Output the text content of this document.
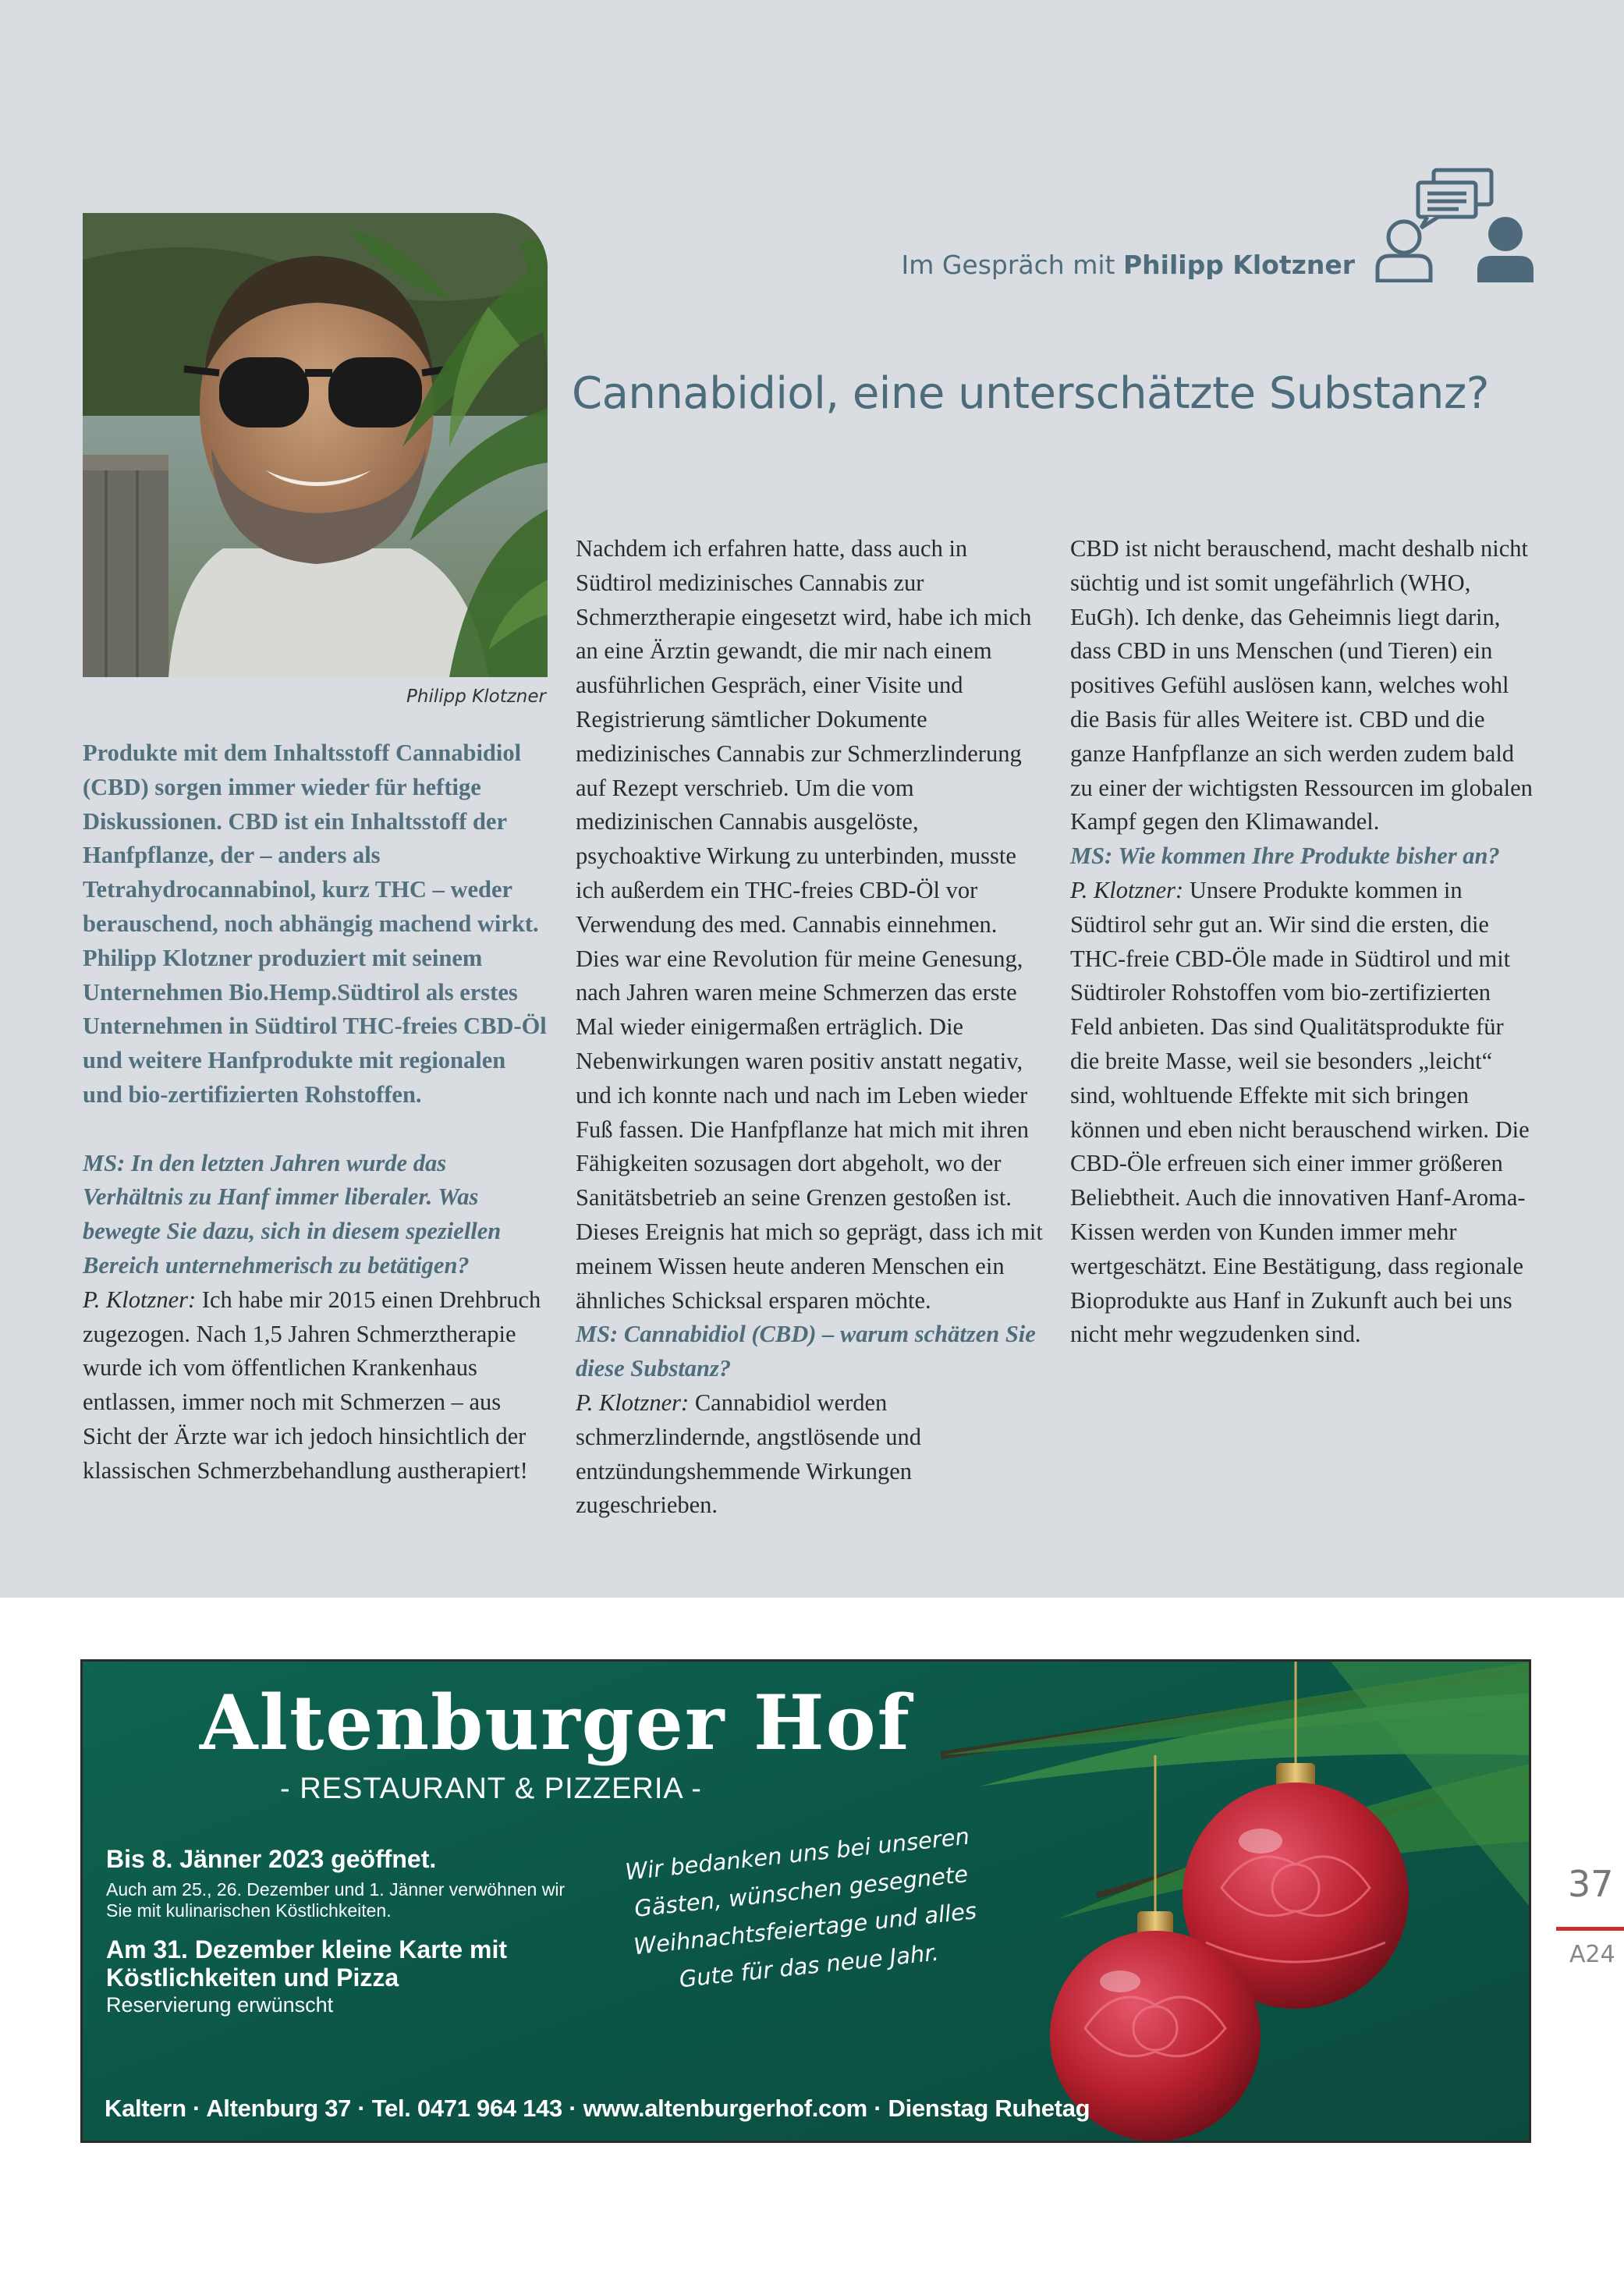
Im Gespräch mit Philipp Klotzner
Cannabidiol, eine unterschätzte Substanz?
Philipp Klotzner

Produkte mit dem Inhaltsstoff Cannabidiol (CBD) sorgen immer wieder für heftige Diskussionen. CBD ist ein Inhaltsstoff der Hanfpflanze, der – anders als Tetrahydrocannabinol, kurz THC – weder berauschend, noch abhängig machend wirkt. Philipp Klotzner produziert mit seinem Unternehmen Bio.Hemp.Südtirol als erstes Unternehmen in Südtirol THC-freies CBD-Öl und weitere Hanfprodukte mit regionalen und bio-zertifizierten Rohstoffen.

MS: In den letzten Jahren wurde das Verhältnis zu Hanf immer liberaler. Was bewegte Sie dazu, sich in diesem speziellen Bereich unternehmerisch zu betätigen?

P. Klotzner: Ich habe mir 2015 einen Drehbruch zugezogen. Nach 1,5 Jahren Schmerztherapie wurde ich vom öffentlichen Krankenhaus entlassen, immer noch mit Schmerzen – aus Sicht der Ärzte war ich jedoch hinsichtlich der klassischen Schmerzbehandlung austherapiert!

Nachdem ich erfahren hatte, dass auch in Südtirol medizinisches Cannabis zur Schmerztherapie eingesetzt wird, habe ich mich an eine Ärztin gewandt, die mir nach einem ausführlichen Gespräch, einer Visite und Registrierung sämtlicher Dokumente medizinisches Cannabis zur Schmerzlinderung auf Rezept verschrieb. Um die vom medizinischen Cannabis ausgelöste, psychoaktive Wirkung zu unterbinden, musste ich außerdem ein THC-freies CBD-Öl vor Verwendung des med. Cannabis einnehmen. Dies war eine Revolution für meine Genesung, nach Jahren waren meine Schmerzen das erste Mal wieder einigermaßen erträglich. Die Nebenwirkungen waren positiv anstatt negativ, und ich konnte nach und nach im Leben wieder Fuß fassen. Die Hanfpflanze hat mich mit ihren Fähigkeiten sozusagen dort abgeholt, wo der Sanitätsbetrieb an seine Grenzen gestoßen ist. Dieses Ereignis hat mich so geprägt, dass ich mit meinem Wissen heute anderen Menschen ein ähnliches Schicksal ersparen möchte.

MS: Cannabidiol (CBD) – warum schätzen Sie diese Substanz?

P. Klotzner: Cannabidiol werden schmerzlindernde, angstlösende und entzündungshemmende Wirkungen zugeschrieben.

CBD ist nicht berauschend, macht deshalb nicht süchtig und ist somit ungefährlich (WHO, EuGh). Ich denke, das Geheimnis liegt darin, dass CBD in uns Menschen (und Tieren) ein positives Gefühl auslösen kann, welches wohl die Basis für alles Weitere ist. CBD und die ganze Hanfpflanze an sich werden zudem bald zu einer der wichtigsten Ressourcen im globalen Kampf gegen den Klimawandel.

MS: Wie kommen Ihre Produkte bisher an?

P. Klotzner: Unsere Produkte kommen in Südtirol sehr gut an. Wir sind die ersten, die THC-freie CBD-Öle made in Südtirol und mit Südtiroler Rohstoffen vom bio-zertifizierten Feld anbieten. Das sind Qualitätsprodukte für die breite Masse, weil sie besonders „leicht“ sind, wohltuende Effekte mit sich bringen können und eben nicht berauschend wirken. Die CBD-Öle erfreuen sich einer immer größeren Beliebtheit. Auch die innovativen Hanf-Aroma-Kissen werden von Kunden immer mehr wertgeschätzt. Eine Bestätigung, dass regionale Bioprodukte aus Hanf in Zukunft auch bei uns nicht mehr wegzudenken sind.

Altenburger Hof
- RESTAURANT & PIZZERIA -
Bis 8. Jänner 2023 geöffnet.
Auch am 25., 26. Dezember und 1. Jänner verwöhnen wir Sie mit kulinarischen Köstlichkeiten.
Am 31. Dezember kleine Karte mit Köstlichkeiten und Pizza
Reservierung erwünscht
Wir bedanken uns bei unseren Gästen, wünschen gesegnete Weihnachtsfeiertage und alles Gute für das neue Jahr.
Kaltern · Altenburg 37 · Tel. 0471 964 143 · www.altenburgerhof.com · Dienstag Ruhetag
37
A24
